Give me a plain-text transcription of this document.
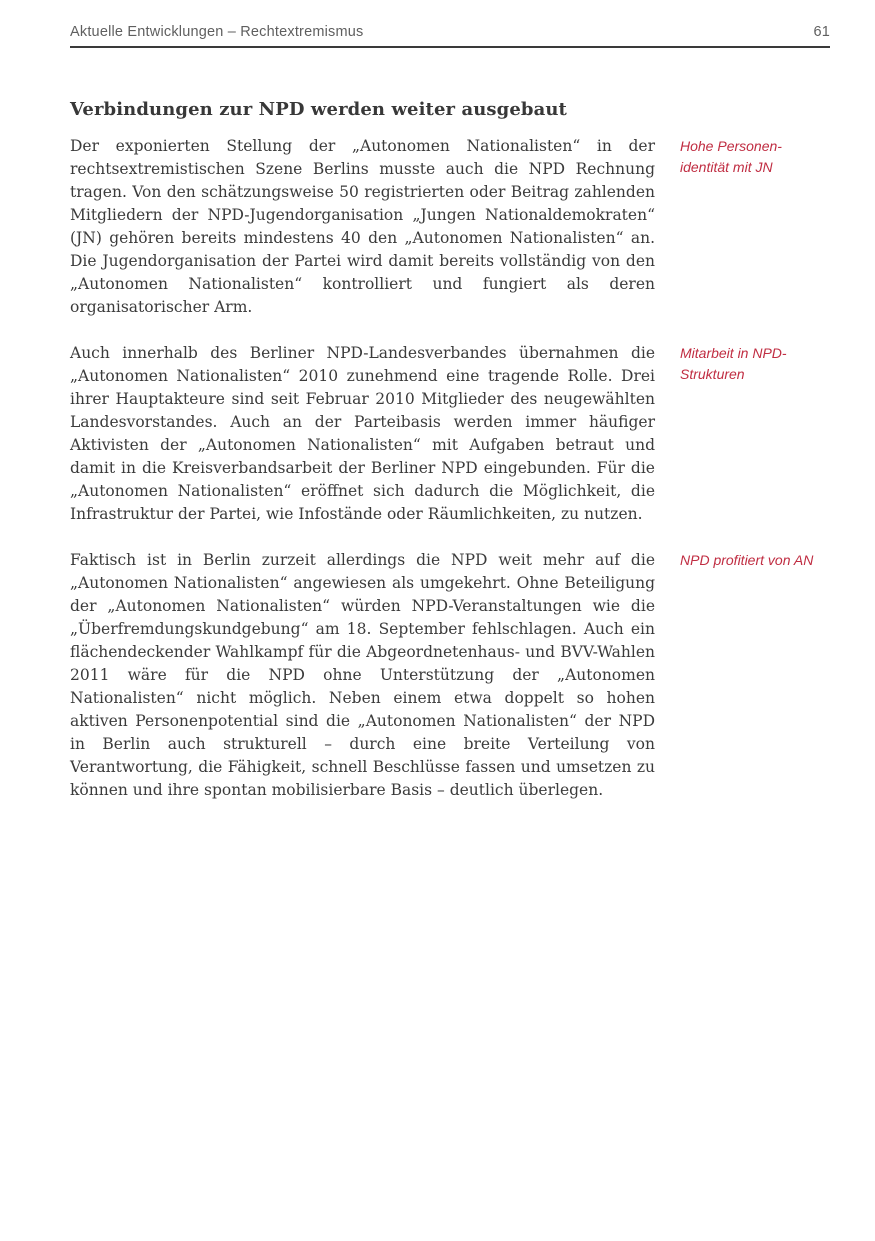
Aktuelle Entwicklungen – Rechtextremismus	61
Verbindungen zur NPD werden weiter ausgebaut

Der exponierten Stellung der „Autonomen Nationalisten“ in der rechtsextremistischen Szene Berlins musste auch die NPD Rechnung tragen. Von den schätzungsweise 50 registrierten oder Beitrag zahlenden Mitgliedern der NPD-Jugendorganisation „Jungen Nationaldemokraten“ (JN) gehören bereits mindestens 40 den „Autonomen Nationalisten“ an. Die Jugendorganisation der Partei wird damit bereits vollständig von den „Autonomen Nationalisten“ kontrolliert und fungiert als deren organisatorischer Arm.

Hohe Personen-
identität mit JN

Auch innerhalb des Berliner NPD-Landesverbandes übernahmen die „Autonomen Nationalisten“ 2010 zunehmend eine tragende Rolle. Drei ihrer Hauptakteure sind seit Februar 2010 Mitglieder des neugewählten Landesvorstandes. Auch an der Parteibasis werden immer häufiger Aktivisten der „Autonomen Nationalisten“ mit Aufgaben betraut und damit in die Kreisverbandsarbeit der Berliner NPD eingebunden. Für die „Autonomen Nationalisten“ eröffnet sich dadurch die Möglichkeit, die Infrastruktur der Partei, wie Infostände oder Räumlichkeiten, zu nutzen.

Mitarbeit in NPD-
Strukturen

Faktisch ist in Berlin zurzeit allerdings die NPD weit mehr auf die „Autonomen Nationalisten“ angewiesen als umgekehrt. Ohne Beteiligung der „Autonomen Nationalisten“ würden NPD-Veranstaltungen wie die „Überfremdungskundgebung“ am 18. September fehlschlagen. Auch ein flächendeckender Wahlkampf für die Abgeordnetenhaus- und BVV-Wahlen 2011 wäre für die NPD ohne Unterstützung der „Autonomen Nationalisten“ nicht möglich. Neben einem etwa doppelt so hohen aktiven Personenpotential sind die „Autonomen Nationalisten“ der NPD in Berlin auch strukturell – durch eine breite Verteilung von Verantwortung, die Fähigkeit, schnell Beschlüsse fassen und umsetzen zu können und ihre spontan mobilisierbare Basis – deutlich überlegen.

NPD profitiert von AN
